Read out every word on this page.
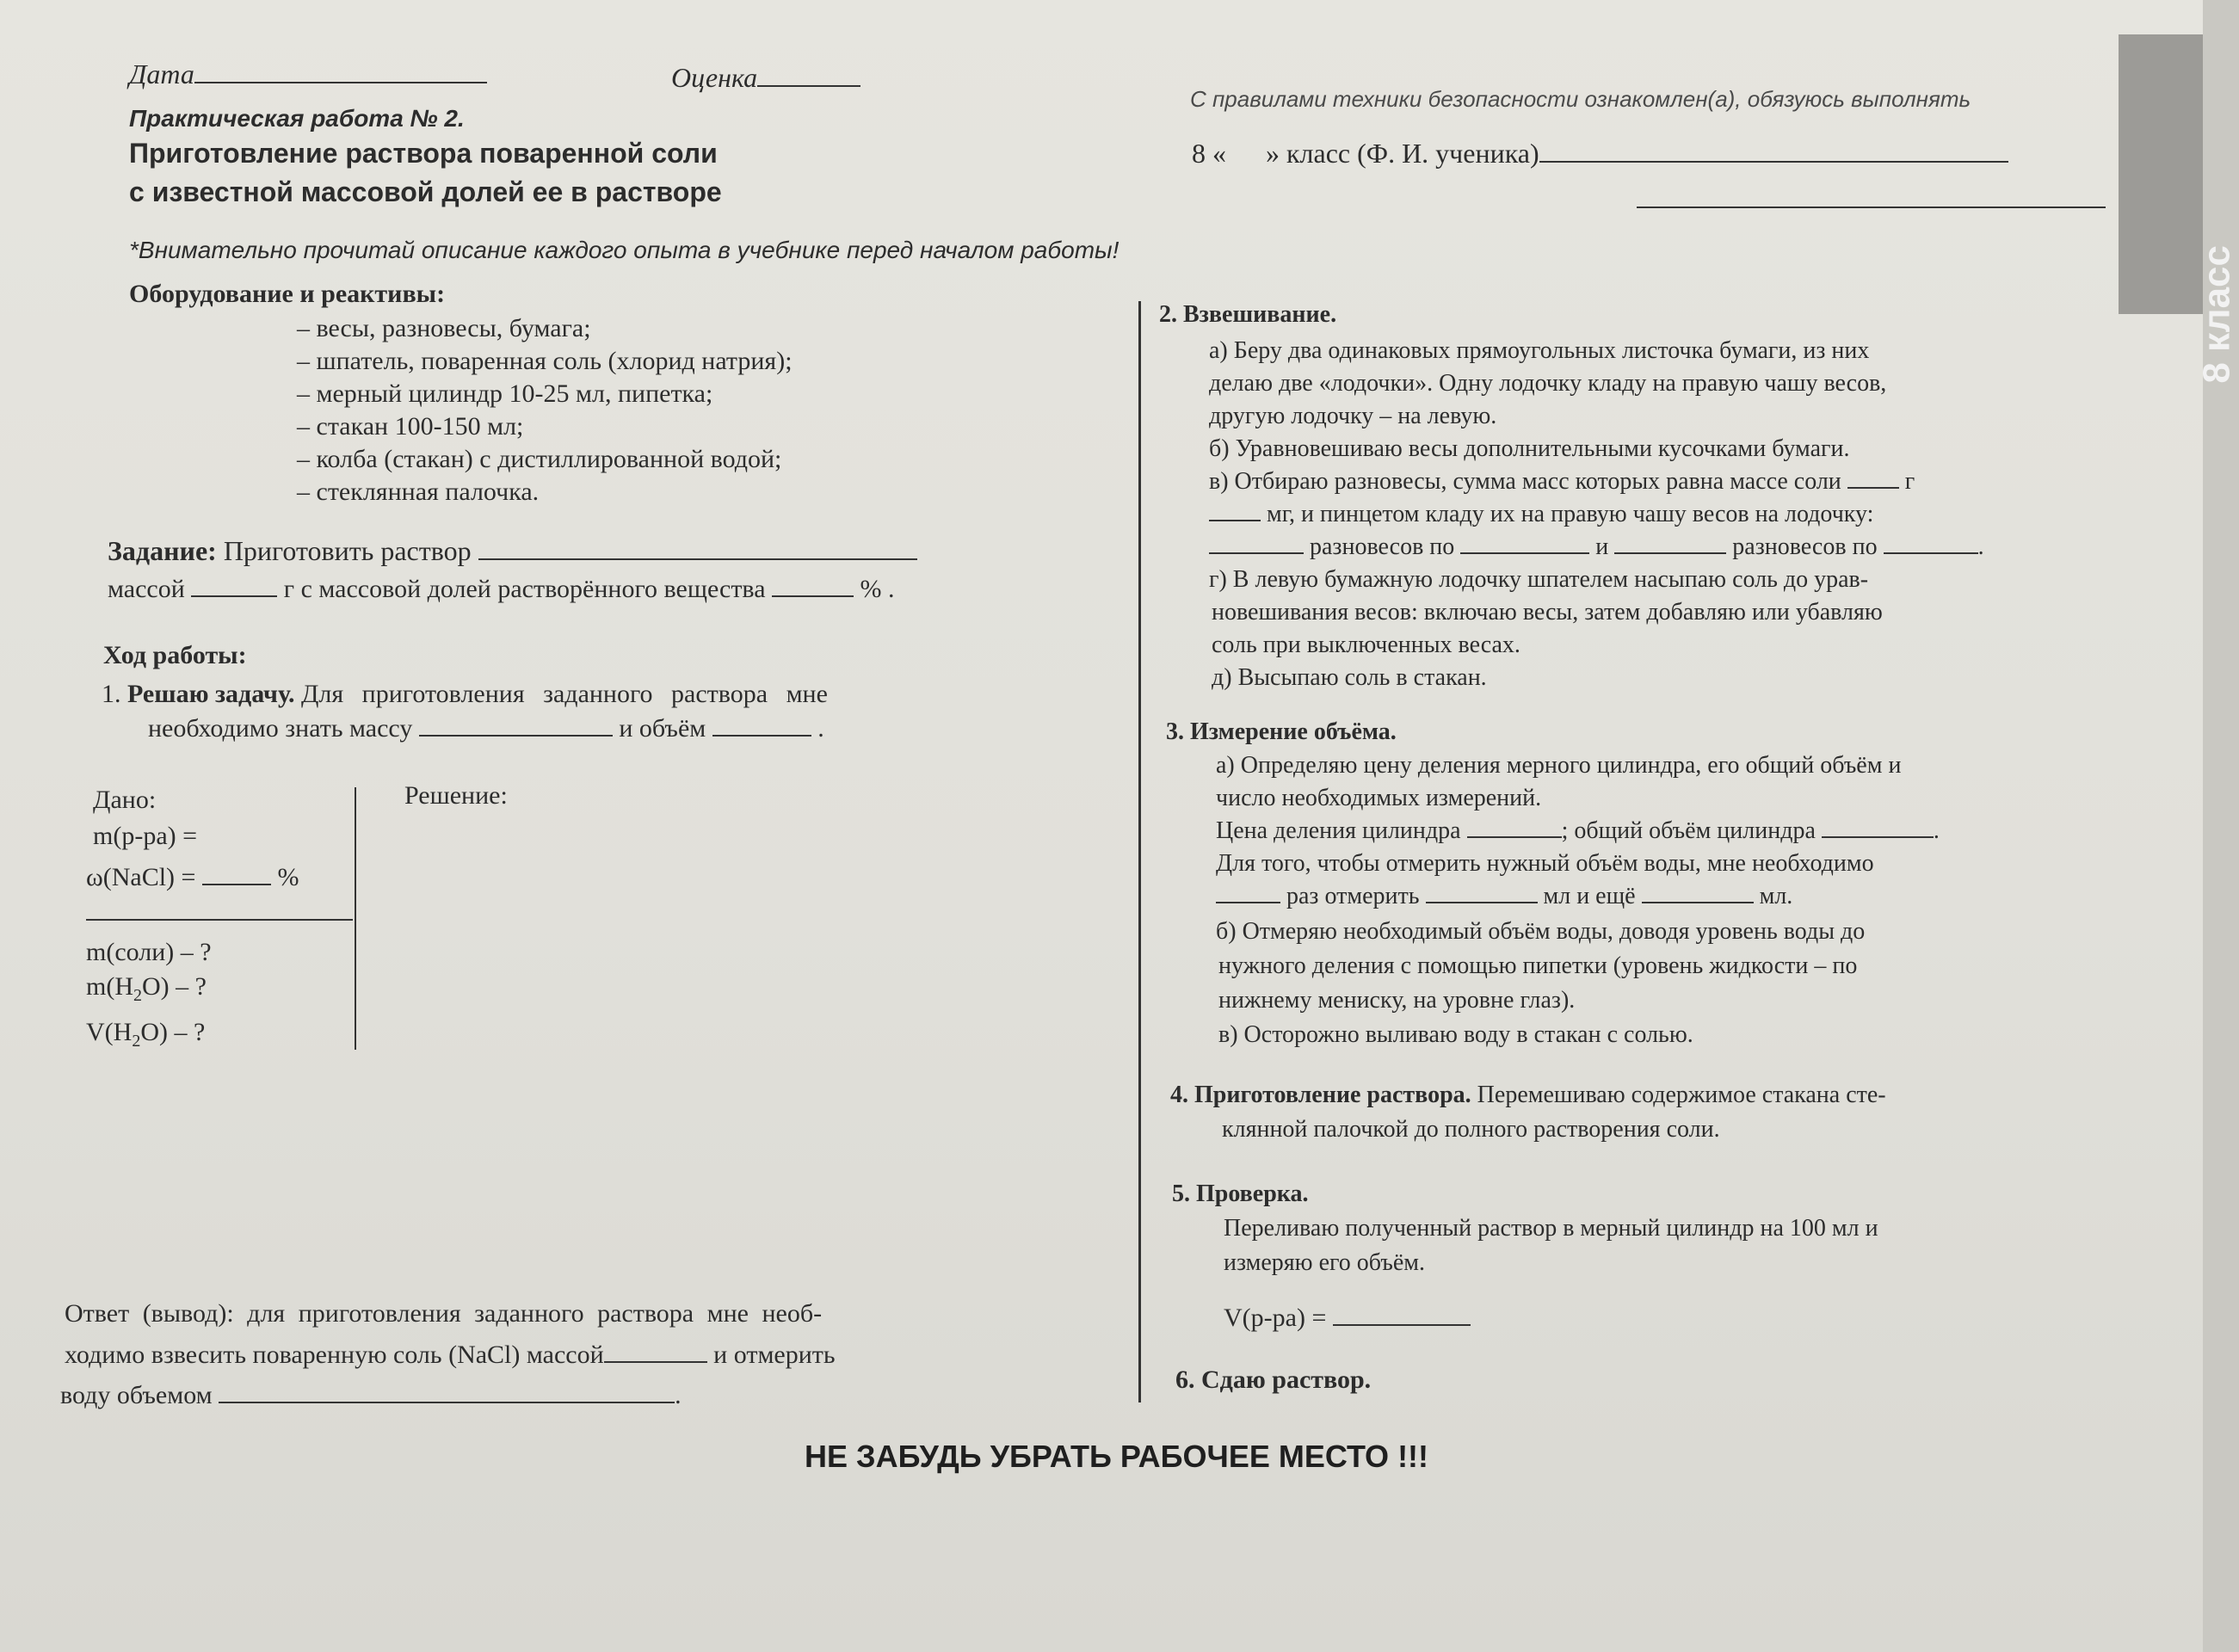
8 класс
Дата	Оценка
Практическая работа № 2.
Приготовление раствора поваренной соли
с известной массовой долей ее в растворе
С правилами техники безопасности ознакомлен(а), обязуюсь выполнять
8 « » класс (Ф. И. ученика)
*Внимательно прочитай описание каждого опыта в учебнике перед началом работы!
Оборудование и реактивы:
– весы, разновесы, бумага;
– шпатель, поваренная соль (хлорид натрия);
– мерный цилиндр 10-25 мл, пипетка;
– стакан 100-150 мл;
– колба (стакан) с дистиллированной водой;
– стеклянная палочка.
Задание: Приготовить раствор
массой	г с массовой долей растворённого вещества	% .
Ход работы:
1. Решаю задачу. Для приготовления заданного раствора мне
необходимо знать массу	и объём	.
Дано:	Решение:
m(р-ра) =
ω(NaCl) =	%
m(соли) – ?
$m(H_2O)$ – ?
$V(H_2O)$ – ?
Ответ (вывод): для приготовления заданного раствора мне необ-
ходимо взвесить поваренную соль (NaCl) массой	и отмерить
воду объемом	.
2. Взвешивание.
а) Беру два одинаковых прямоугольных листочка бумаги, из них
делаю две «лодочки». Одну лодочку кладу на правую чашу весов,
другую лодочку – на левую.
б) Уравновешиваю весы дополнительными кусочками бумаги.
в) Отбираю разновесы, сумма масс которых равна массе соли	г
мг, и пинцетом кладу их на правую чашу весов на лодочку:
разновесов по	и	разновесов по	.
г) В левую бумажную лодочку шпателем насыпаю соль до урав-
новешивания весов: включаю весы, затем добавляю или убавляю
соль при выключенных весах.
д) Высыпаю соль в стакан.
3. Измерение объёма.
а) Определяю цену деления мерного цилиндра, его общий объём и
число необходимых измерений.
Цена деления цилиндра	; общий объём цилиндра	.
Для того, чтобы отмерить нужный объём воды, мне необходимо
раз отмерить	мл и ещё	мл.
б) Отмеряю необходимый объём воды, доводя уровень воды до
нужного деления с помощью пипетки (уровень жидкости – по
нижнему мениску, на уровне глаз).
в) Осторожно выливаю воду в стакан с солью.
4. Приготовление раствора. Перемешиваю содержимое стакана сте-
клянной палочкой до полного растворения соли.
5. Проверка.
Переливаю полученный раствор в мерный цилиндр на 100 мл и
измеряю его объём.
V(р-ра) =
6. Сдаю раствор.
НЕ ЗАБУДЬ УБРАТЬ РАБОЧЕЕ МЕСТО !!!
